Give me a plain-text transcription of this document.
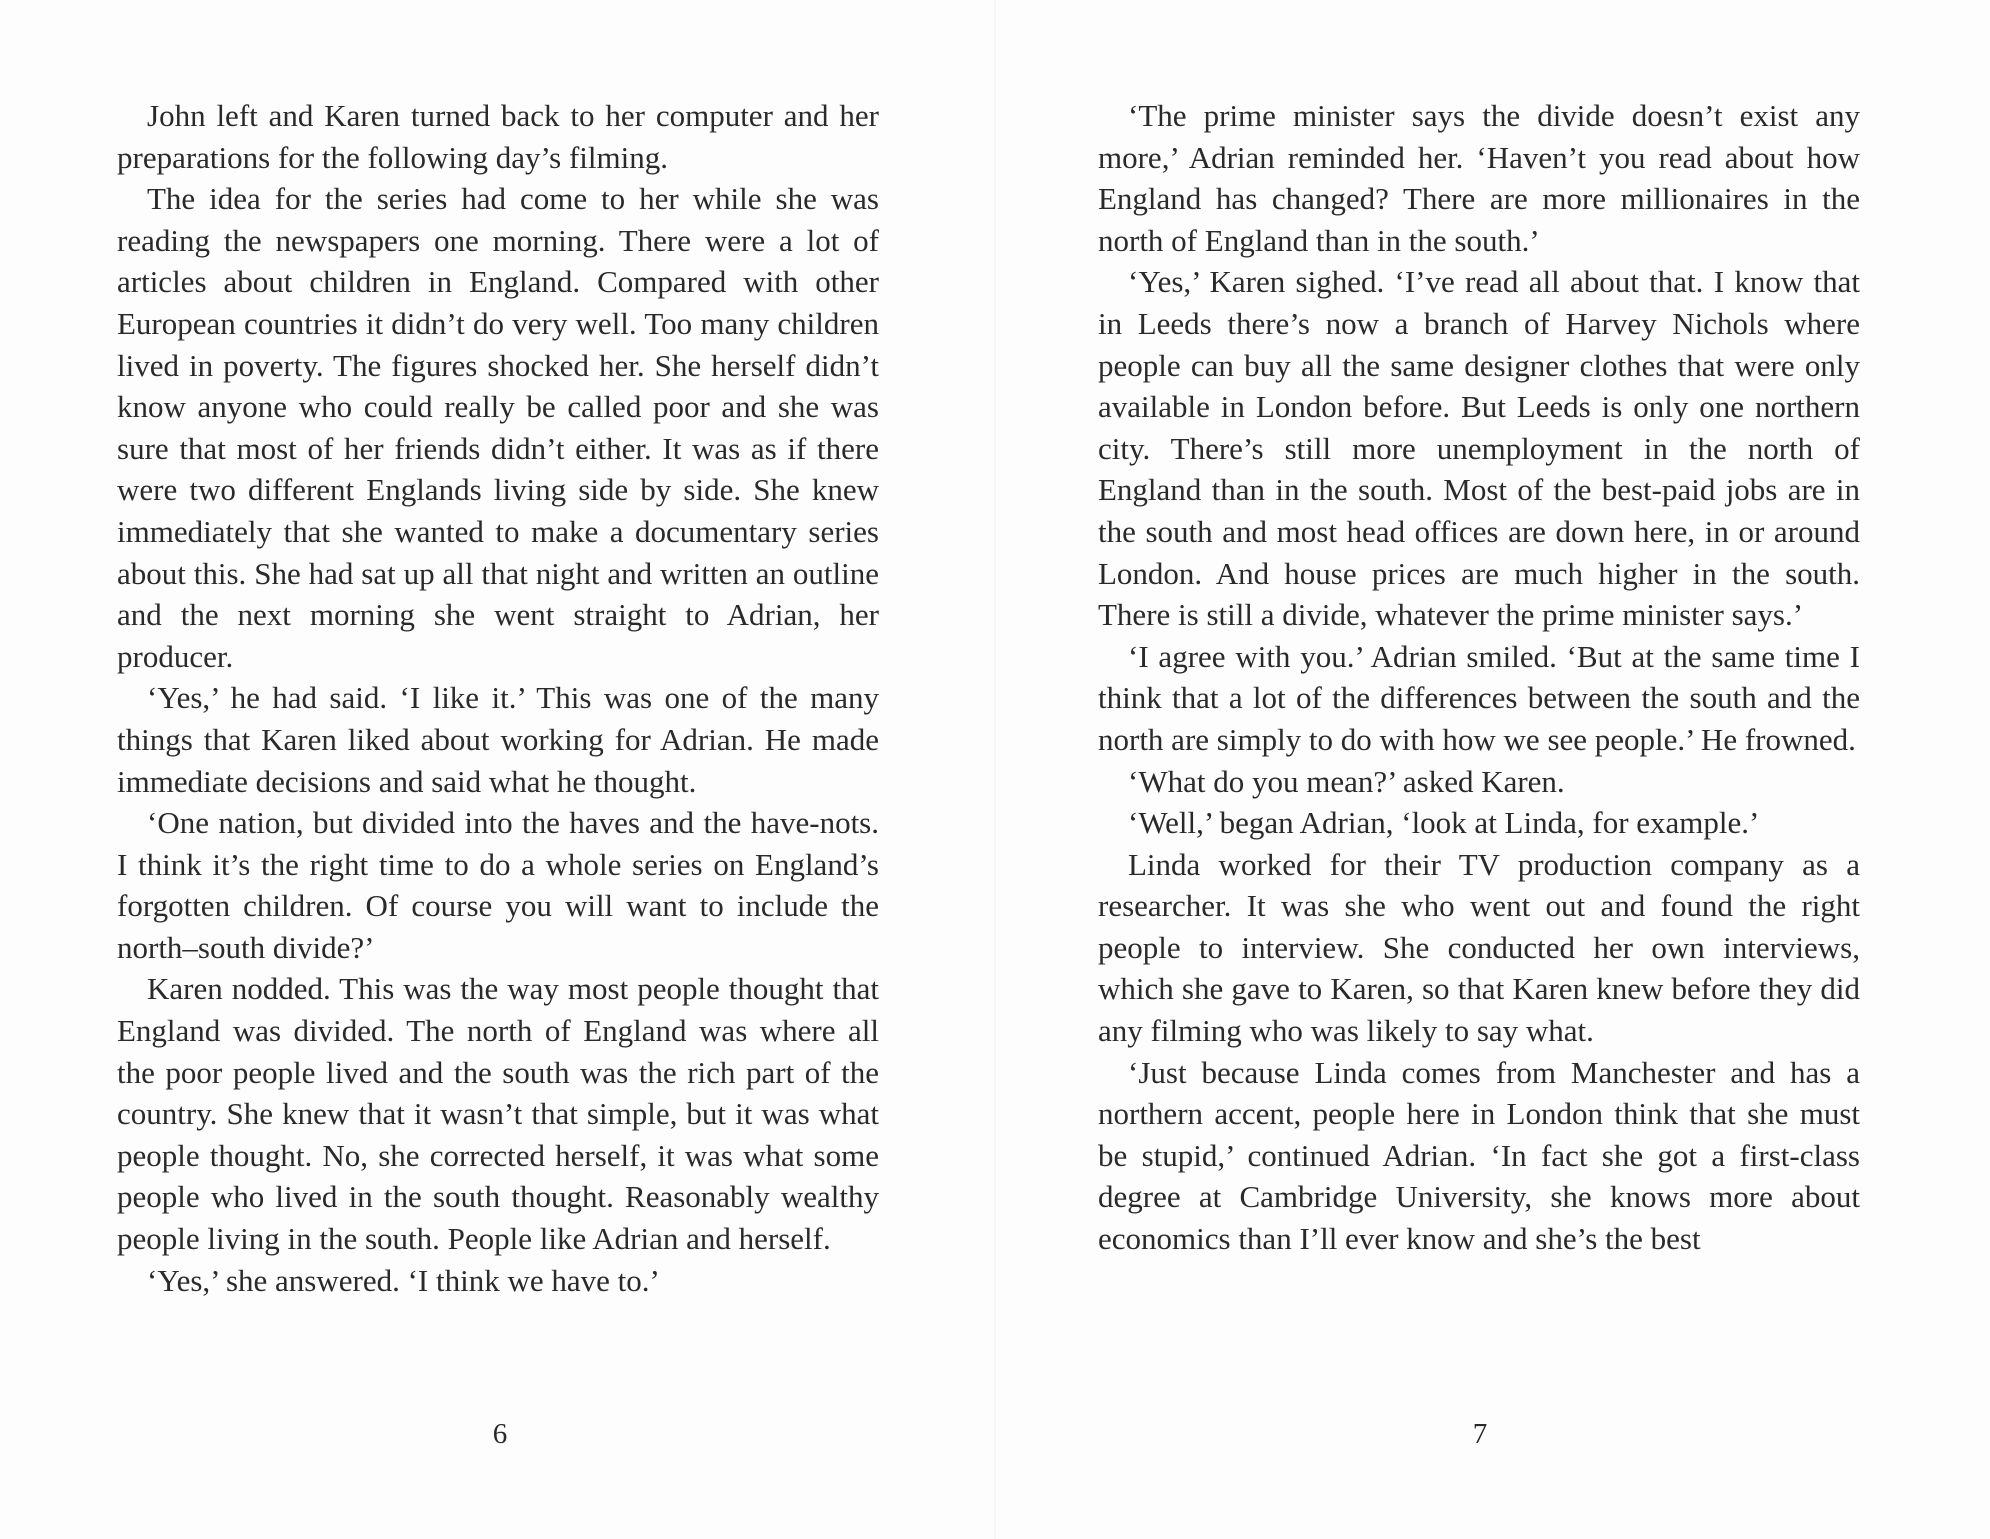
John left and Karen turned back to her computer and her preparations for the following day’s filming.

The idea for the series had come to her while she was reading the newspapers one morning. There were a lot of articles about children in England. Compared with other European countries it didn’t do very well. Too many children lived in poverty. The figures shocked her. She herself didn’t know anyone who could really be called poor and she was sure that most of her friends didn’t either. It was as if there were two different Englands living side by side. She knew immediately that she wanted to make a documentary series about this. She had sat up all that night and written an outline and the next morning she went straight to Adrian, her producer.

‘Yes,’ he had said. ‘I like it.’ This was one of the many things that Karen liked about working for Adrian. He made immediate decisions and said what he thought.

‘One nation, but divided into the haves and the have-nots. I think it’s the right time to do a whole series on England’s forgotten children. Of course you will want to include the north–south divide?’

Karen nodded. This was the way most people thought that England was divided. The north of England was where all the poor people lived and the south was the rich part of the country. She knew that it wasn’t that simple, but it was what people thought. No, she corrected herself, it was what some people who lived in the south thought. Reasonably wealthy people living in the south. People like Adrian and herself.

‘Yes,’ she answered. ‘I think we have to.’

‘The prime minister says the divide doesn’t exist any more,’ Adrian reminded her. ‘Haven’t you read about how England has changed? There are more millionaires in the north of England than in the south.’

‘Yes,’ Karen sighed. ‘I’ve read all about that. I know that in Leeds there’s now a branch of Harvey Nichols where people can buy all the same designer clothes that were only available in London before. But Leeds is only one northern city. There’s still more unemployment in the north of England than in the south. Most of the best-paid jobs are in the south and most head offices are down here, in or around London. And house prices are much higher in the south. There is still a divide, whatever the prime minister says.’

‘I agree with you.’ Adrian smiled. ‘But at the same time I think that a lot of the differences between the south and the north are simply to do with how we see people.’ He frowned.

‘What do you mean?’ asked Karen.

‘Well,’ began Adrian, ‘look at Linda, for example.’

Linda worked for their TV production company as a researcher. It was she who went out and found the right people to interview. She conducted her own interviews, which she gave to Karen, so that Karen knew before they did any filming who was likely to say what.

‘Just because Linda comes from Manchester and has a northern accent, people here in London think that she must be stupid,’ continued Adrian. ‘In fact she got a first-class degree at Cambridge University, she knows more about economics than I’ll ever know and she’s the best

6	7
